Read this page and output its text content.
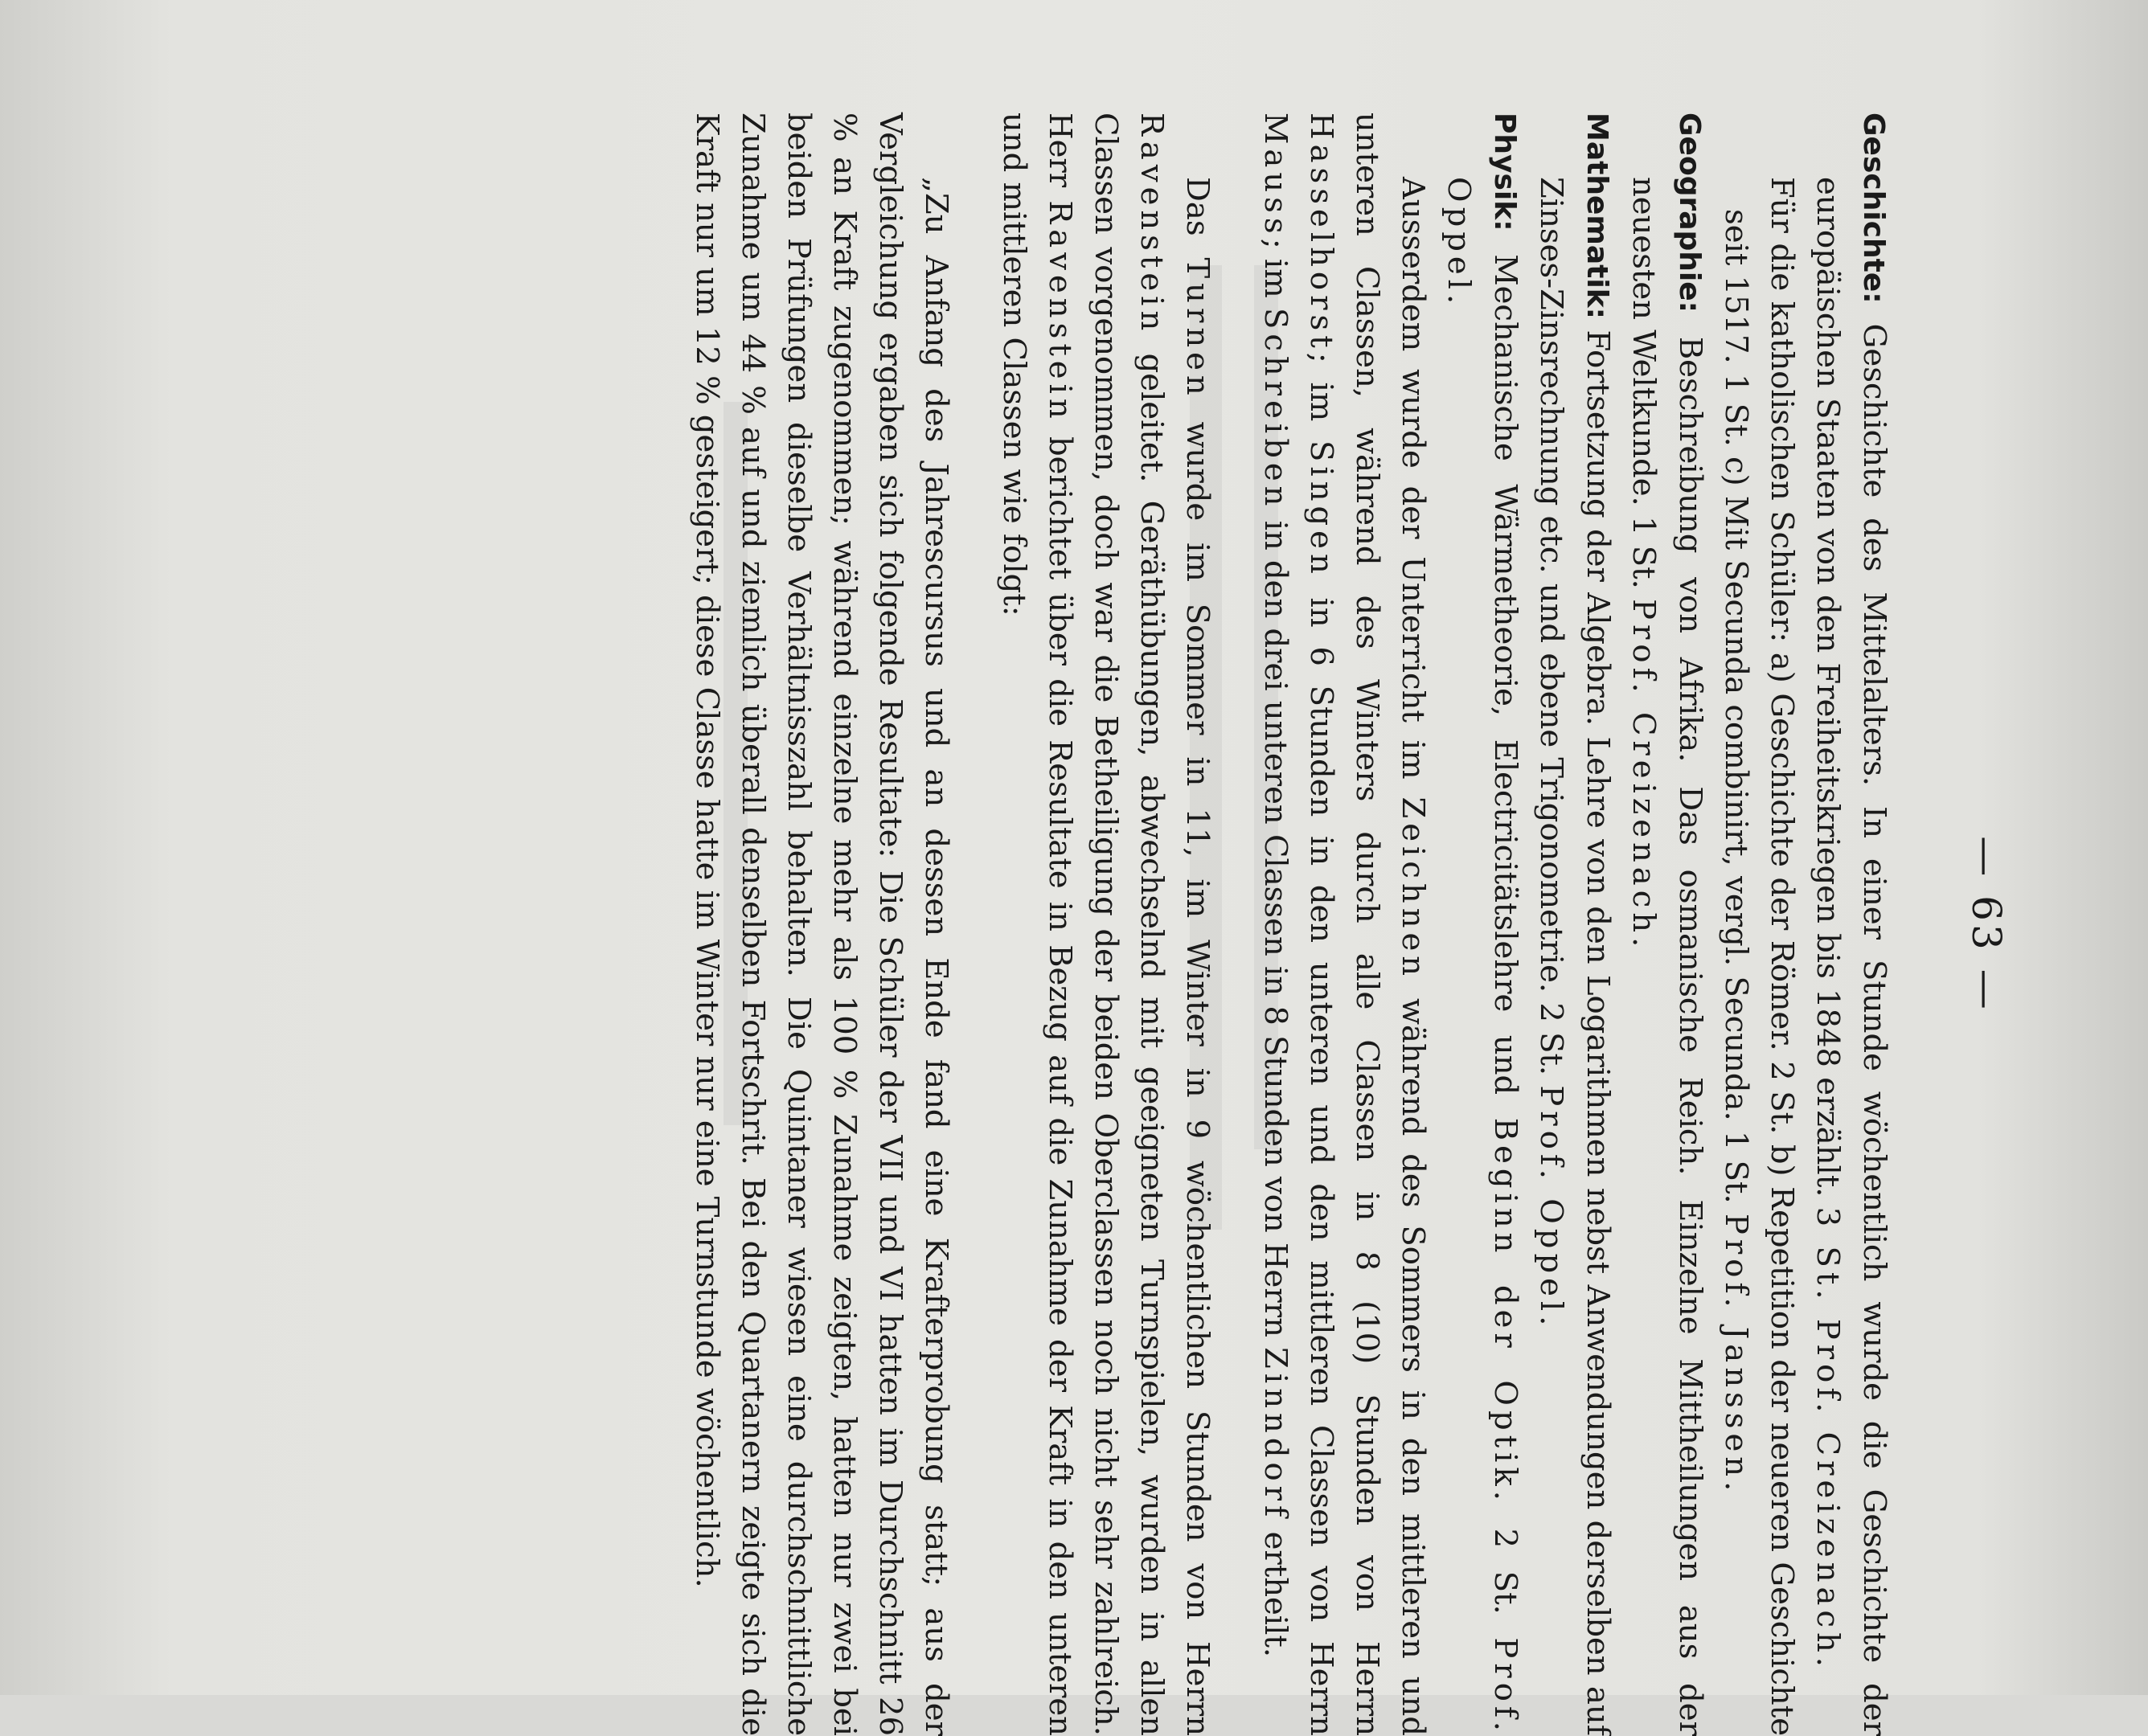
— 63 —

Geschichte: Geschichte des Mittelalters. In einer Stunde wöchentlich wurde die Geschichte der europäischen Staaten von den Freiheitskriegen bis 1848 erzählt. 3 St. Prof. Creizenach.

Für die katholischen Schüler: a) Geschichte der Römer. 2 St. b) Repetition der neueren Geschichte seit 1517. 1 St. c) Mit Secunda combinirt, vergl. Secunda. 1 St. Prof. Janssen.

Geographie: Beschreibung von Afrika. Das osmanische Reich. Einzelne Mittheilungen aus der neuesten Weltkunde. 1 St. Prof. Creizenach.

Mathematik: Fortsetzung der Algebra. Lehre von den Logarithmen nebst Anwendungen derselben auf Zinses-Zinsrechnung etc. und ebene Trigonometrie. 2 St. Prof. Oppel.

Physik: Mechanische Wärmetheorie, Electricitätslehre und Beginn der Optik. 2 St. Prof. Oppel.

Ausserdem wurde der Unterricht im Zeichnen während des Sommers in den mittleren und unteren Classen, während des Winters durch alle Classen in 8 (10) Stunden von Herrn Hasselhorst; im Singen in 6 Stunden in den unteren und den mittleren Classen von Herrn Mauss; im Schreiben in den drei unteren Classen in 8 Stunden von Herrn Zinndorf ertheilt.

Das Turnen wurde im Sommer in 11, im Winter in 9 wöchentlichen Stunden von Herrn Ravenstein geleitet. Geräthübungen, abwechselnd mit geeigneten Turnspielen, wurden in allen Classen vorgenommen, doch war die Betheiligung der beiden Oberclassen noch nicht sehr zahlreich. Herr Ravenstein berichtet über die Resultate in Bezug auf die Zunahme der Kraft in den unteren und mittleren Classen wie folgt:

„Zu Anfang des Jahrescursus und an dessen Ende fand eine Krafterprobung statt; aus der Vergleichung ergaben sich folgende Resultate: Die Schüler der VII und VI hatten im Durchschnitt 26 % an Kraft zugenommen; während einzelne mehr als 100 % Zunahme zeigten, hatten nur zwei bei beiden Prüfungen dieselbe Verhältnisszahl behalten. Die Quintaner wiesen eine durchschnittliche Zunahme um 44 % auf und ziemlich überall denselben Fortschrit. Bei den Quartanern zeigte sich die Kraft nur um 12 % gesteigert; diese Classe hatte im Winter nur eine Turnstunde wöchentlich.
